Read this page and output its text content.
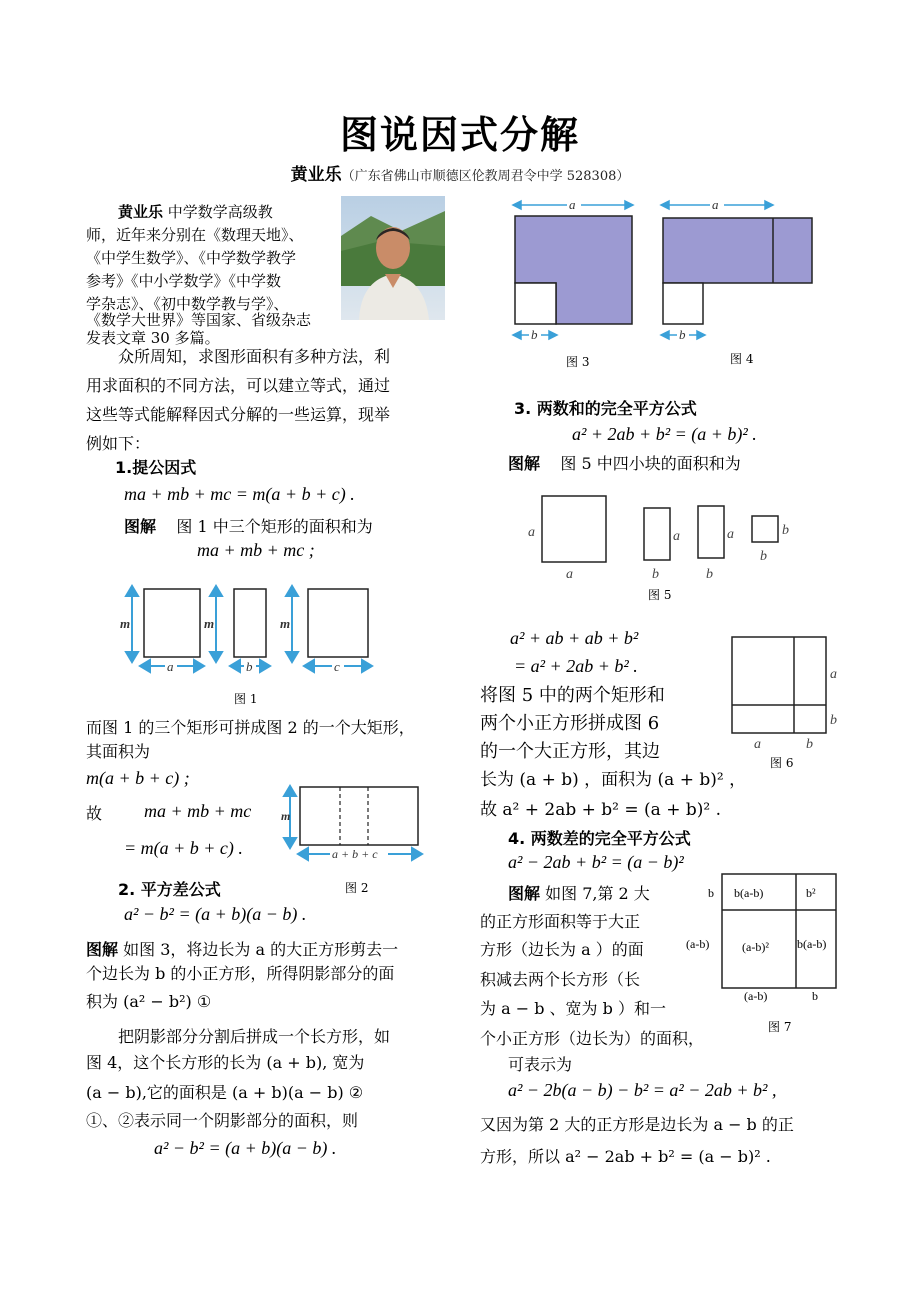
图说因式分解
黄业乐（广东省佛山市顺德区伦教周君令中学 528308）
黄业乐 中学数学高级教
师，近年来分别在《数理天地》、
《中学生数学》、《中学数学教学
参考》《中小学数学》《中学数
学杂志》、《初中数学教与学》、
《数学大世界》等国家、省级杂志
发表文章 30 多篇。
众所周知，求图形面积有多种方法，利
用求面积的不同方法，可以建立等式，通过
这些等式能解释因式分解的一些运算，现举
例如下：
1.提公因式
ma + mb + mc = m(a + b + c) .
图解 图 1 中三个矩形的面积和为
ma + mb + mc ;
m	m	m
a	b	c
图 1
而图 1 的三个矩形可拼成图 2 的一个大矩形，
其面积为
m(a + b + c) ;
故 ma + mb + mc
= m(a + b + c) .
m
a + b + c
图 2
2. 平方差公式
a² − b² = (a + b)(a − b) .
图解 如图 3，将边长为 a 的大正方形剪去一
个边长为 b 的小正方形，所得阴影部分的面
积为 (a² − b²) ①
把阴影部分分割后拼成一个长方形，如
图 4，这个长方形的长为 (a + b), 宽为
(a − b),它的面积是 (a + b)(a − b) ②
①、②表示同一个阴影部分的面积，则
a² − b² = (a + b)(a − b) .
a
b
图 3
a
b
图 4
3. 两数和的完全平方公式
a² + 2ab + b² = (a + b)² .
图解    图 5 中四小块的面积和为
a
a
a
b
a
b
b
b
图 5
a² + ab + ab + b²
= a² + 2ab + b² .
将图 5 中的两个矩形和
两个小正方形拼成图 6
的一个大正方形，其边
长为 (a + b) ，面积为 (a + b)² ，
故 a² + 2ab + b² = (a + b)² .
a
b
a	b
图 6
4. 两数差的完全平方公式
a² − 2ab + b² = (a − b)²
图解 如图 7,第 2 大
的正方形面积等于大正
方形（边长为 a ）的面
积减去两个长方形（长
为 a − b 、宽为 b ）和一
个小正方形（边长为）的面积，
可表示为
a² − 2b(a − b) − b² = a² − 2ab + b² ,
又因为第 2 大的正方形是边长为 a − b 的正
方形，所以 a² − 2ab + b² = (a − b)² .
b(a-b)	b²
(a-b)² b(a-b)
b
(a-b)
(a-b)	b
图 7
